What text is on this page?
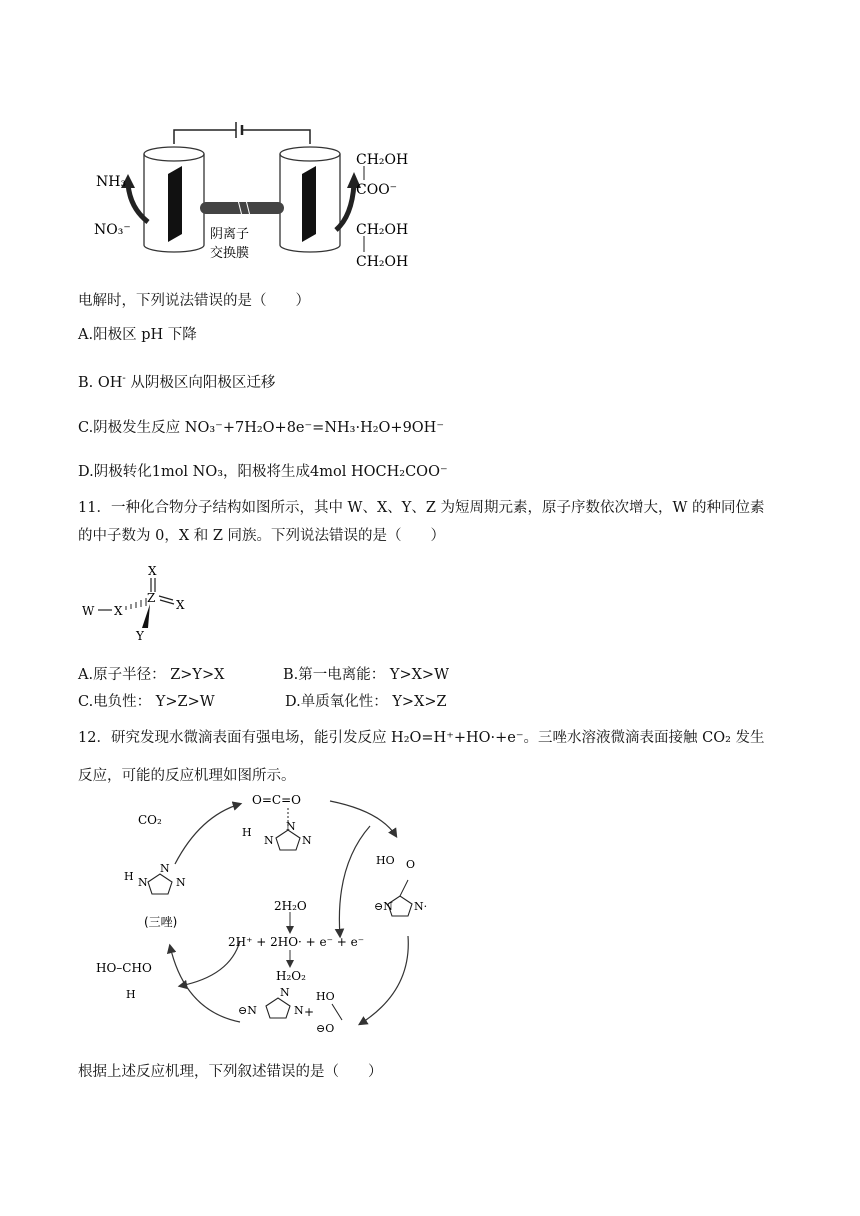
NH₃
NO₃⁻	阴离子
交换膜
CH₂OH
COO⁻
CH₂OH
CH₂OH
电解时，下列说法错误的是（　　）
A.阳极区 pH 下降
B. OH- 从阴极区向阳极区迁移
C.阴极发生反应 NO₃⁻+7H₂O+8e⁻=NH₃·H₂O+9OH⁻
D.阴极转化1mol NO₃，阳极将生成4mol HOCH₂COO⁻
11．一种化合物分子结构如图所示，其中 W、X、Y、Z 为短周期元素，原子序数依次增大，W 的种同位素
的中子数为 0，X 和 Z 同族。下列说法错误的是（　　）
X
Z X
X
W
Y
A.原子半径： Z>Y>X	B.第一电离能： Y>X>W
C.电负性： Y>Z>W	D.单质氧化性： Y>X>Z
12．研究发现水微滴表面有强电场，能引发反应 H₂O=H⁺+HO·+e⁻。三唑水溶液微滴表面接触 CO₂ 发生
反应，可能的反应机理如图所示。
CO₂
O=C=O
H
N
N
N
H N
N
N
(三唑)
HO O
⊖N N·
2H₂O
2H⁺ + 2HO· + e⁻ + e⁻
H₂O₂
HO–CHO
H
⊖N
N
N +
HO
⊖O
根据上述反应机理，下列叙述错误的是（　　）
